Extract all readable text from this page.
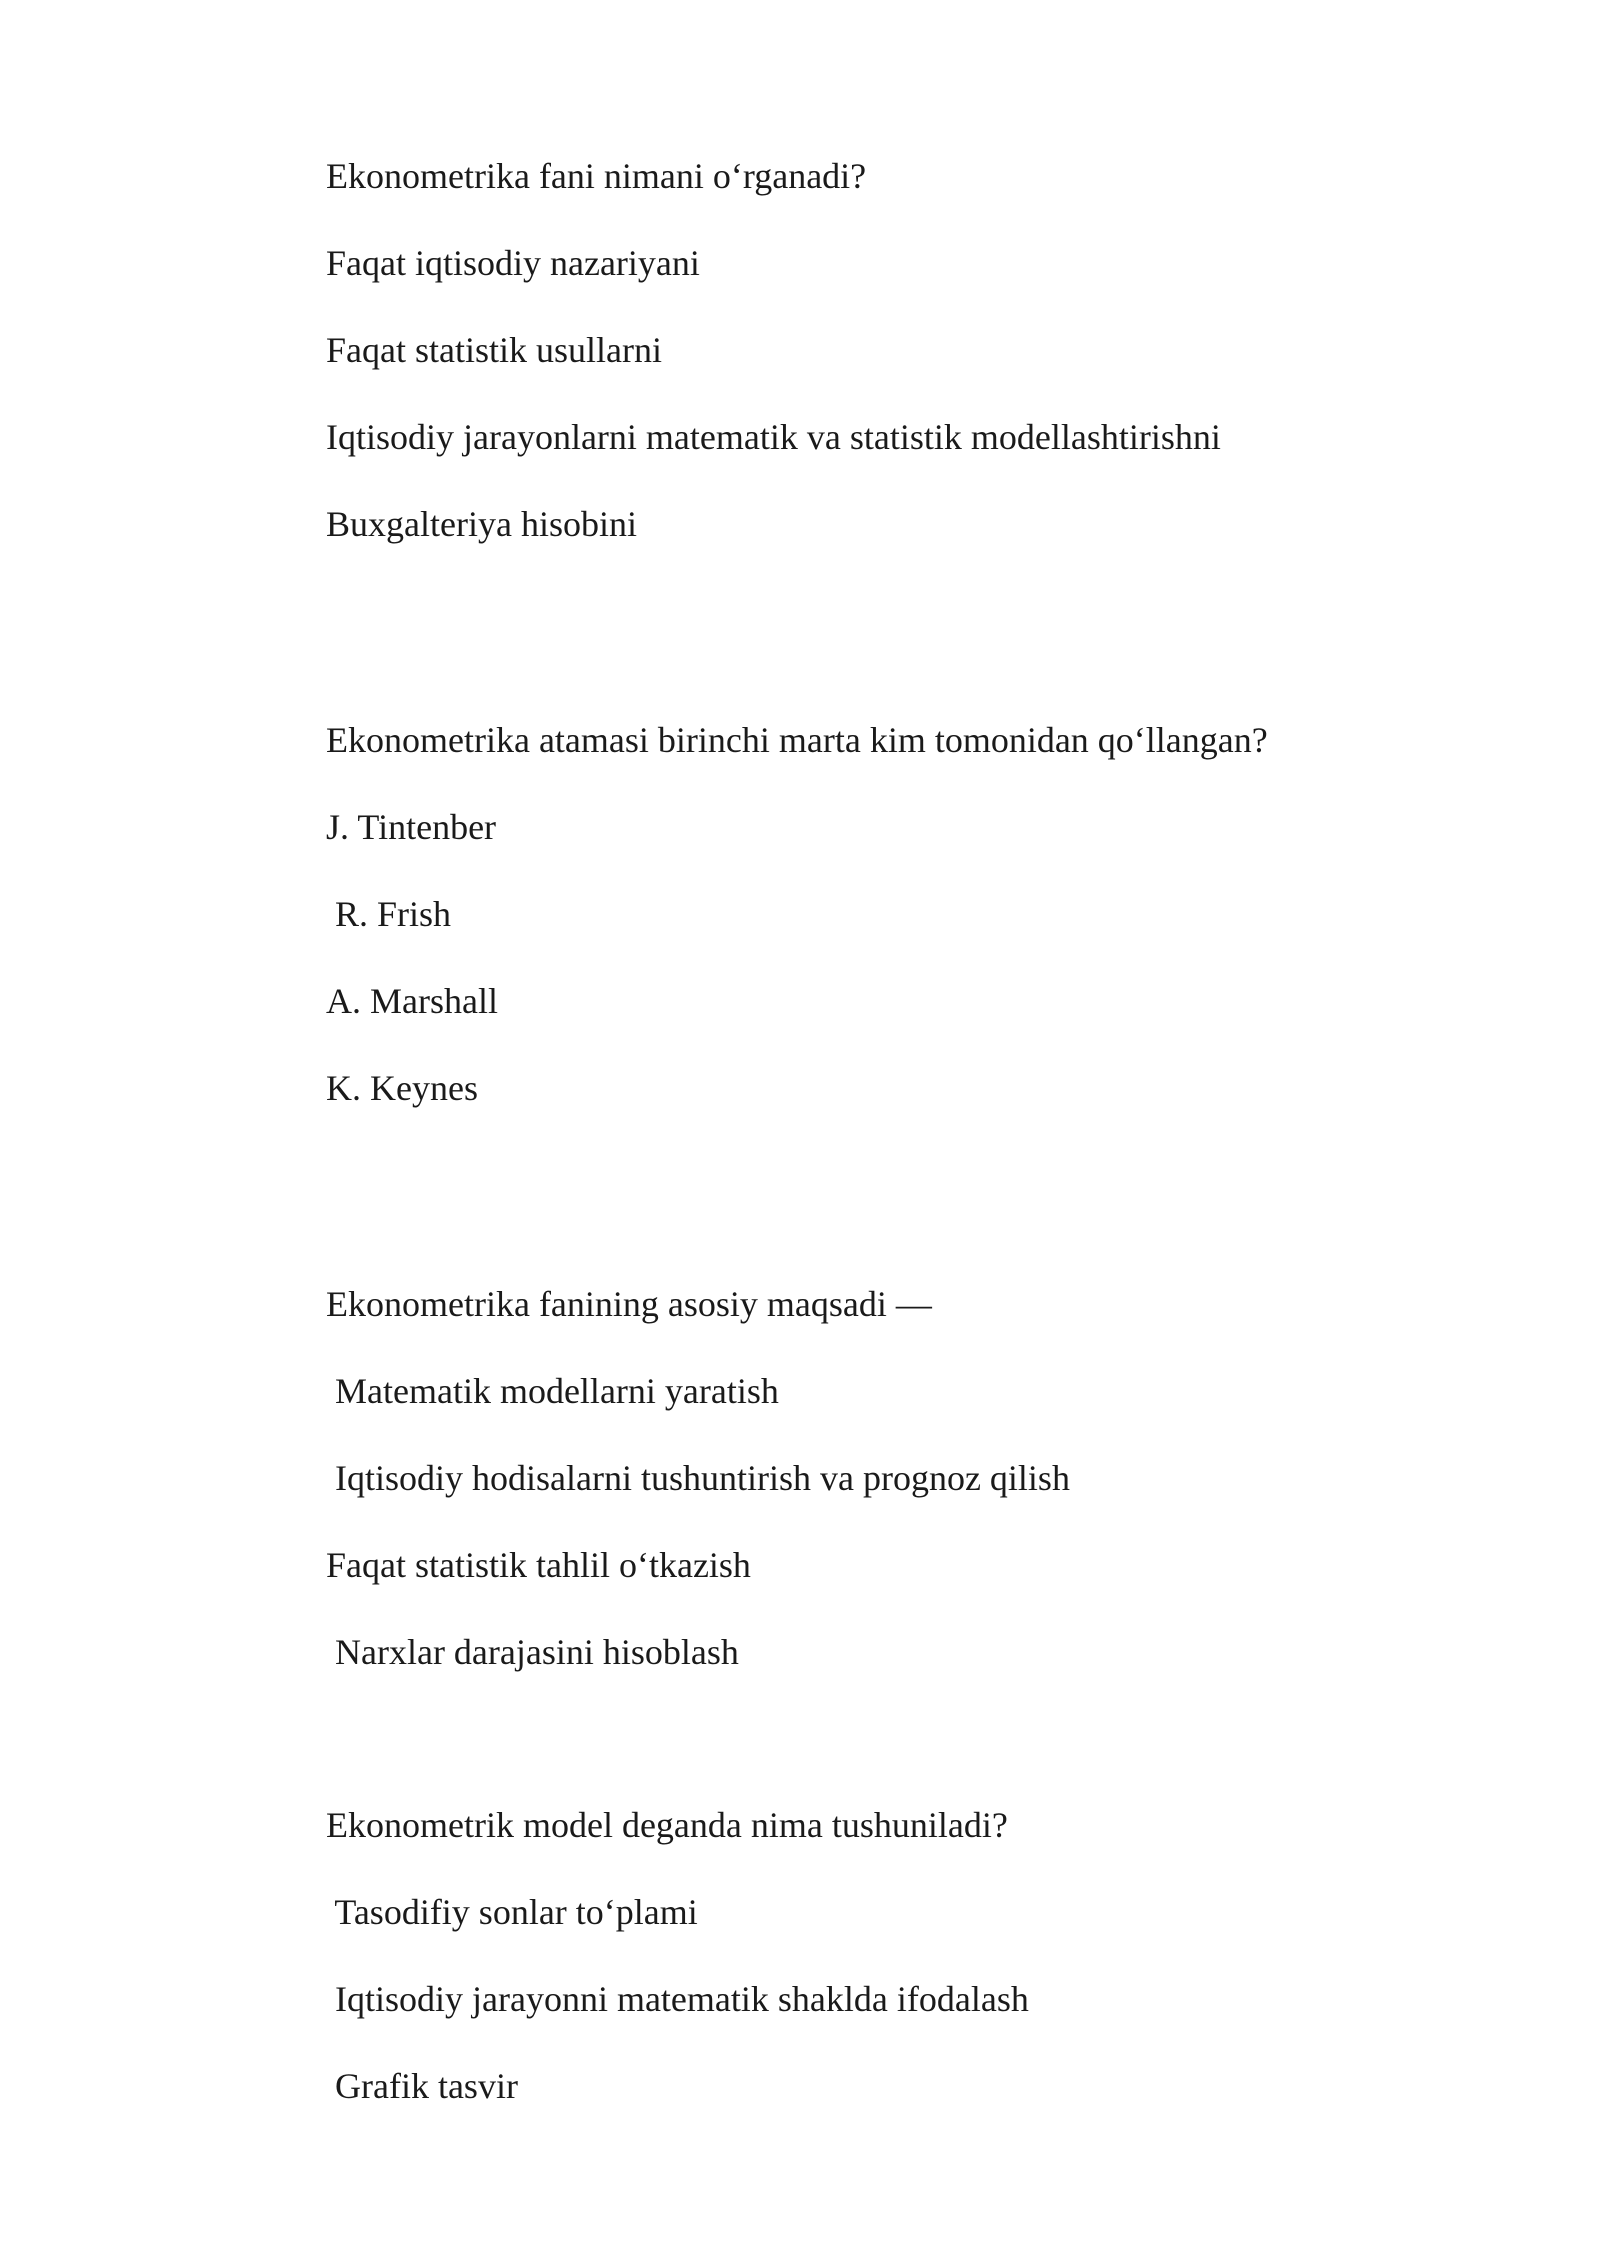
Ekonometrika fani nimani o‘rganadi?

Faqat iqtisodiy nazariyani

Faqat statistik usullarni

Iqtisodiy jarayonlarni matematik va statistik modellashtirishni

Buxgalteriya hisobini

Ekonometrika atamasi birinchi marta kim tomonidan qo‘llangan?

J. Tintenber

R. Frish

A. Marshall

K. Keynes

Ekonometrika fanining asosiy maqsadi —

Matematik modellarni yaratish

Iqtisodiy hodisalarni tushuntirish va prognoz qilish

Faqat statistik tahlil o‘tkazish

Narxlar darajasini hisoblash

Ekonometrik model deganda nima tushuniladi?

Tasodifiy sonlar to‘plami

Iqtisodiy jarayonni matematik shaklda ifodalash

Grafik tasvir
